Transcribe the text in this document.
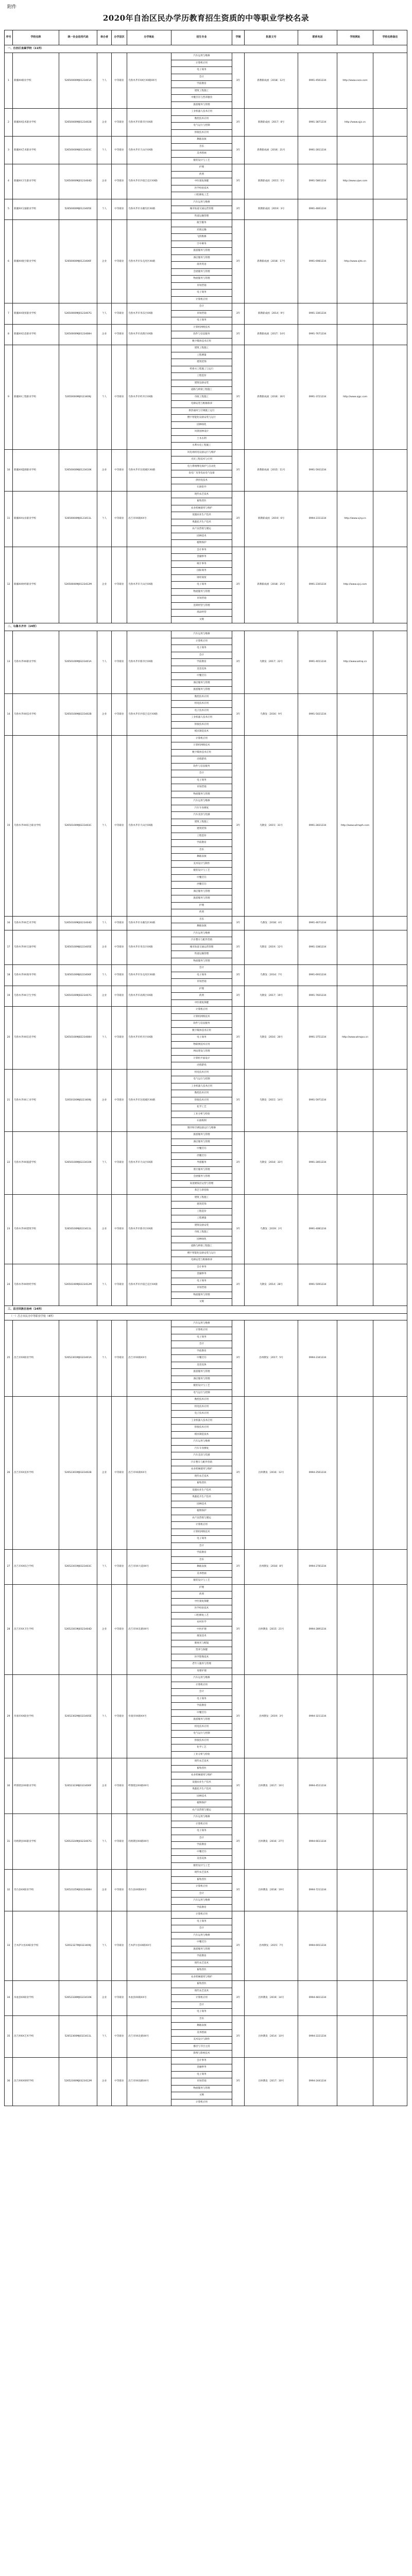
附件
2020年自治区民办学历教育招生资质的中等职业学校名录
序号	学校名称	统一社会信用代码	举办者	办学层次	办学地址	招生专业	学制	批准文号	联系电话	学校网址	学校名称备注
一、自治区直属学校（11所）											
1	新疆XX职业学校	52650000MJ0123401A	个人	中等职业	乌鲁木齐市XX区XX路XX号	汽车运用与维修	3年	新教职成函〔2018〕12号	0991-4561234	http://www.xxzx.com	
						计算机应用					
						电子商务					
						会计					
						学前教育					
						建筑工程施工					
						中餐烹饪与营养膳食					
						旅游服务与管理					
2	新疆XX技术职业学校	52650000MJ0123402B	企业	中等职业	乌鲁木齐市新市区XX街	工业机器人技术应用	3年	新教职成函〔2017〕8号	0991-3871234	http://www.xjjs.cn	
						数控技术应用					
						电气运行与控制					
						焊接技术应用					
3	新疆XX艺术职业学校	52650000MJ0123403C	个人	中等职业	乌鲁木齐市天山区XX路	舞蹈表演	3年	新教职成函〔2016〕21号	0991-2811234		
						音乐					
						美术绘画					
						服装设计与工艺					
4	新疆XX卫生职业学校	52650000MJ0123404D	企业	中等职业	乌鲁木齐市沙依巴克区XX路	护理	3年	新教职成函〔2015〕5号	0991-5861234	http://www.xjws.com	
						药剂					
						中医康复保健					
						医学检验技术					
						口腔修复工艺					
5	新疆XX交通职业学校	52650000MJ0123405E	个人	中等职业	乌鲁木齐市水磨沟区XX路	汽车运用与维修	3年	新教职成函〔2019〕3号	0991-4661234		
						城市轨道交通运营管理					
						铁道运输管理					
6	新疆XX航空职业学校	52650000MJ0123406F	企业	中等职业	乌鲁木齐市头屯河区XX路	航空服务	3年	新教职成函〔2018〕17号	0991-6981234	http://www.xjhk.cn	
						民航运输					
						飞机维修					
						空中乘务					
						旅游服务与管理					
						酒店服务与管理					
						商务英语					
						会展服务与管理					
						物流服务与管理					
						市场营销					
						电子商务					
						计算机应用					
7	新疆XX商贸职业学校	52650000MJ0123407G	个人	中等职业	乌鲁木齐市米东区XX路	会计	3年	新教职成函〔2014〕9号	0991-3361234		
						市场营销					
						电子商务					
8	新疆XX信息职业学校	52650000MJ0123408H	企业	中等职业	乌鲁木齐市高新区XX路	计算机网络技术	3年	新教职成函〔2017〕14号	0991-7671234		
						软件与信息服务					
						数字媒体技术应用					
9	新疆XX工程职业学校	52650000MJ0123409J	个人	中等职业	乌鲁木齐市经开区XX路	建筑工程施工	3年	新教职成函〔2016〕30号	0991-3721234	http://www.xjgc.com	
						工程测量					
						建筑装饰					
						给排水工程施工与运行					
						工程造价					
						建筑设备安装					
						道路与桥梁工程施工					
						市政工程施工					
						电梯安装与维修保养					
						供热通风与空调施工运行					
						楼宇智能化设备安装与运行					
						园林绿化					
						风景园林设计					
						土木水利					
						水利水电工程施工					
10	新疆XX能源职业学校	52650000MJ0123410K	企业	中等职业	乌鲁木齐市达坂城区XX路	风电场机电设备运行与维护	3年	新教职成函〔2015〕11号	0991-5931234		
						光伏工程技术与应用					
						电力系统继电保护与自动化					
						发电厂及变电站电气设备					
						供用电技术					
						石油钻井					
11	新疆XX农业职业学校	52650000MJ0123411L	个人	中等职业	昌吉市XX路XX号	现代农艺技术	3年	新教职成函〔2019〕6号	0994-2311234	http://www.xjny.cn	
						畜牧兽医					
						农业机械使用与维护					
						设施农业生产技术					
						果蔬花卉生产技术					
						农产品营销与储运					
						园林技术					
						植物保护					
12	新疆XX财经职业学校	52650000MJ0123412M	企业	中等职业	乌鲁木齐市天山区XX路	会计事务	3年	新教职成函〔2018〕25号	0991-2301234	http://www.xjcj.com	
						金融事务					
						统计事务					
						国际商务					
						财经商贸					
						电子商务					
						物流服务与管理					
						市场营销					
						连锁经营与管理					
						商品经营					
						文秘					
二、乌鲁木齐市（14所）											
13	乌鲁木齐XX职业学校	52650100MJ0223401A	个人	中等职业	乌鲁木齐市新市区XX路	汽车运用与维修	3年	乌教发〔2017〕22号	0991-4011234	http://www.wlmq.cn	
						计算机应用					
						电子商务					
						会计					
						学前教育					
						美容美体					
						中餐烹饪					
						酒店服务与管理					
						旅游服务与管理					
14	乌鲁木齐XX技术学校	52650100MJ0223402B	企业	中等职业	乌鲁木齐市沙依巴克区XX路	数控技术应用	3年	乌教发〔2016〕9号	0991-5021234		
						机电技术应用					
						电子技术应用					
						工业机器人技术应用					
						焊接技术应用					
						模具制造技术					
15	乌鲁木齐XX综合职业学校	52650100MJ0223403C	个人	中等职业	乌鲁木齐市天山区XX路	计算机应用	3年	乌教发〔2015〕31号	0991-2831234	http://www.wlmqzh.com	
						计算机网络技术					
						数字媒体技术应用					
						动漫游戏					
						软件与信息服务					
						会计					
						电子商务					
						市场营销					
						物流服务与管理					
						汽车运用与维修					
						汽车车身修复					
						汽车美容与装潢					
						建筑工程施工					
						建筑装饰					
						工程造价					
						学前教育					
						音乐					
						舞蹈表演					
						美术设计与制作					
						服装设计与工艺					
						中餐烹饪					
						西餐烹饪					
						酒店服务与管理					
						旅游服务与管理					
						护理					
						药剂					
16	乌鲁木齐XX艺术学校	52650100MJ0223404D	个人	中等职业	乌鲁木齐市水磨沟区XX路	音乐	3年	乌教发〔2018〕4号	0991-4671234		
						舞蹈表演					
17	乌鲁木齐XX交通学校	52650100MJ0223405E	企业	中等职业	乌鲁木齐市米东区XX路	汽车运用与维修	3年	乌教发〔2019〕12号	0991-3381234		
						汽车整车与配件营销					
						城市轨道交通运营管理					
						铁道运输管理					
						物流服务与管理					
18	乌鲁木齐XX商务学校	52650100MJ0223406F	个人	中等职业	乌鲁木齐市头屯河区XX路	会计	3年	乌教发〔2014〕7号	0991-6931234		
						电子商务					
						市场营销					
19	乌鲁木齐XX卫生学校	52650100MJ0223407G	企业	中等职业	乌鲁木齐市高新区XX路	护理	3年	乌教发〔2017〕19号	0991-7601234		
						药剂					
						中医康复保健					
20	乌鲁木齐XX信息学校	52650100MJ0223408H	个人	中等职业	乌鲁木齐市经开区XX路	计算机应用	3年	乌教发〔2016〕26号	0991-3751234	http://www.wlmqxx.cn	
						计算机网络技术					
						软件与信息服务					
						数字媒体技术应用					
						电子商务					
						物联网技术应用					
						网站建设与管理					
						计算机平面设计					
						动漫游戏					
21	乌鲁木齐XX工业学校	52650100MJ0223409J	企业	中等职业	乌鲁木齐市达坂城区XX路	机电技术应用	3年	乌教发〔2015〕14号	0991-5971234		
						电气运行与控制					
						工业机器人技术应用					
						数控技术应用					
						焊接技术应用					
						化学工艺					
						工业分析与检验					
						石油炼制					
						制冷和空调设备运行与维修					
22	乌鲁木齐XX旅游学校	52650100MJ0223410K	个人	中等职业	乌鲁木齐市天山区XX街	旅游服务与管理	3年	乌教发〔2018〕33号	0991-2851234		
						酒店服务与管理					
						中餐烹饪					
						西餐烹饪					
						导游服务					
						景区服务与管理					
						会展服务与管理					
						高星级饭店运营与管理					
						茶艺与茶营销					
23	乌鲁木齐XX建筑学校	52650100MJ0223411L	企业	中等职业	乌鲁木齐市新市区XX街	建筑工程施工	3年	乌教发〔2019〕2号	0991-4081234		
						建筑装饰					
						工程造价					
						工程测量					
						建筑设备安装					
						市政工程施工					
						园林绿化					
						道路与桥梁工程施工					
						楼宇智能化设备安装与运行					
						电梯安装与维修保养					
24	乌鲁木齐XX财经学校	52650100MJ0223412M	个人	中等职业	乌鲁木齐市沙依巴克区XX街	会计事务	3年	乌教发〔2014〕28号	0991-5091234		
						金融事务					
						电子商务					
						市场营销					
						物流服务与管理					
						文秘					
三、昌吉回族自治州（14所）											
（一）昌吉市民办中等职业学校（4所）											
25	昌吉市XX职业学校	52652301MJ0323401A	个人	中等职业	昌吉市XX路XX号	汽车运用与维修	3年	昌州教发〔2017〕5号	0994-2341234		
						计算机应用					
						电子商务					
						会计					
						学前教育					
						中餐烹饪					
						美容美体					
						旅游服务与管理					
						酒店服务与管理					
						服装设计与工艺					
						电气运行与控制					
26	昌吉市XX技术学校	52652301MJ0323402B	企业	中等职业	昌吉市XX街XX号	数控技术应用	3年	昌州教发〔2016〕12号	0994-2561234		
						机电技术应用					
						电子技术应用					
						工业机器人技术应用					
						焊接技术应用					
						模具制造技术					
						汽车运用与维修					
						汽车车身修复					
						汽车美容与装潢					
						汽车整车与配件营销					
						农业机械使用与维护					
						现代农艺技术					
						畜牧兽医					
						设施农业生产技术					
						果蔬花卉生产技术					
						园林技术					
						植物保护					
						农产品营销与储运					
						计算机应用					
						计算机网络技术					
						电子商务					
						会计					
27	昌吉市XX综合学校	52652301MJ0323403C	个人	中等职业	昌吉市XX大道XX号	学前教育	3年	昌州教发〔2018〕8号	0994-2781234		
						音乐					
						舞蹈表演					
						美术绘画					
						服装设计与工艺					
28	昌吉市XX卫生学校	52652301MJ0323404D	企业	中等职业	昌吉市XX东路XX号	护理	3年	昌州教发〔2015〕21号	0994-2891234		
						药剂					
						中医康复保健					
						医学检验技术					
						口腔修复工艺					
						农村医学					
						中医护理					
						康复技术					
						眼视光与配镜					
						营养与保健					
						医学影像技术					
						老年人服务与管理					
						母婴护理					
29	阜康市XX职业学校	52652302MJ0323405E	个人	中等职业	阜康市XX路XX号	汽车运用与维修	3年	昌州教发〔2019〕3号	0994-3211234		
						计算机应用					
						会计					
						电子商务					
						学前教育					
						中餐烹饪					
						旅游服务与管理					
						机电技术应用					
						电气运行与控制					
						焊接技术应用					
						化学工艺					
						工业分析与检验					
30	呼图壁县XX职业学校	52652323MJ0323406F	企业	中等职业	呼图壁县XX路XX号	现代农艺技术	3年	昌州教发〔2017〕16号	0994-4511234		
						畜牧兽医					
						农业机械使用与维护					
						设施农业生产技术					
						果蔬花卉生产技术					
						园林技术					
						植物保护					
						农产品营销与储运					
31	玛纳斯县XX职业学校	52652324MJ0323407G	个人	中等职业	玛纳斯县XX路XX号	汽车运用与维修	3年	昌州教发〔2016〕27号	0994-6611234		
						计算机应用					
						电子商务					
						会计					
						学前教育					
						中餐烹饪					
						美容美体					
						服装设计与工艺					
32	奇台县XX职业学校	52652325MJ0323408H	企业	中等职业	奇台县XX路XX号	现代农艺技术	3年	昌州教发〔2018〕19号	0994-7211234		
						畜牧兽医					
						计算机应用					
						会计					
						汽车运用与维修					
						学前教育					
33	吉木萨尔县XX职业学校	52652327MJ0323409J	个人	中等职业	吉木萨尔县XX路XX号	计算机应用	3年	昌州教发〔2015〕7号	0994-6911234		
						电子商务					
						会计					
						汽车运用与维修					
						中餐烹饪					
						旅游服务与管理					
						学前教育					
						现代农艺技术					
						畜牧兽医					
						农业机械使用与维护					
34	木垒县XX职业学校	52652328MJ0323410K	企业	中等职业	木垒县XX路XX号	畜牧兽医	3年	昌州教发〔2019〕14号	0994-4811234		
						现代农艺技术					
						计算机应用					
						会计					
						电子商务					
35	昌吉州XX艺术学校	52652300MJ0323411L	个人	中等职业	昌吉市XX北路XX号	音乐	3年	昌州教发〔2014〕10号	0994-2221234		
						舞蹈表演					
						美术绘画					
						美术设计与制作					
						播音与节目主持					
						影像与影视技术					
36	昌吉州XX财经学校	52652300MJ0323412M	企业	中等职业	昌吉市XX南路XX号	会计事务	3年	昌州教发〔2017〕30号	0994-2441234		
						金融事务					
						电子商务					
						市场营销					
						物流服务与管理					
						文秘					
						计算机应用					
